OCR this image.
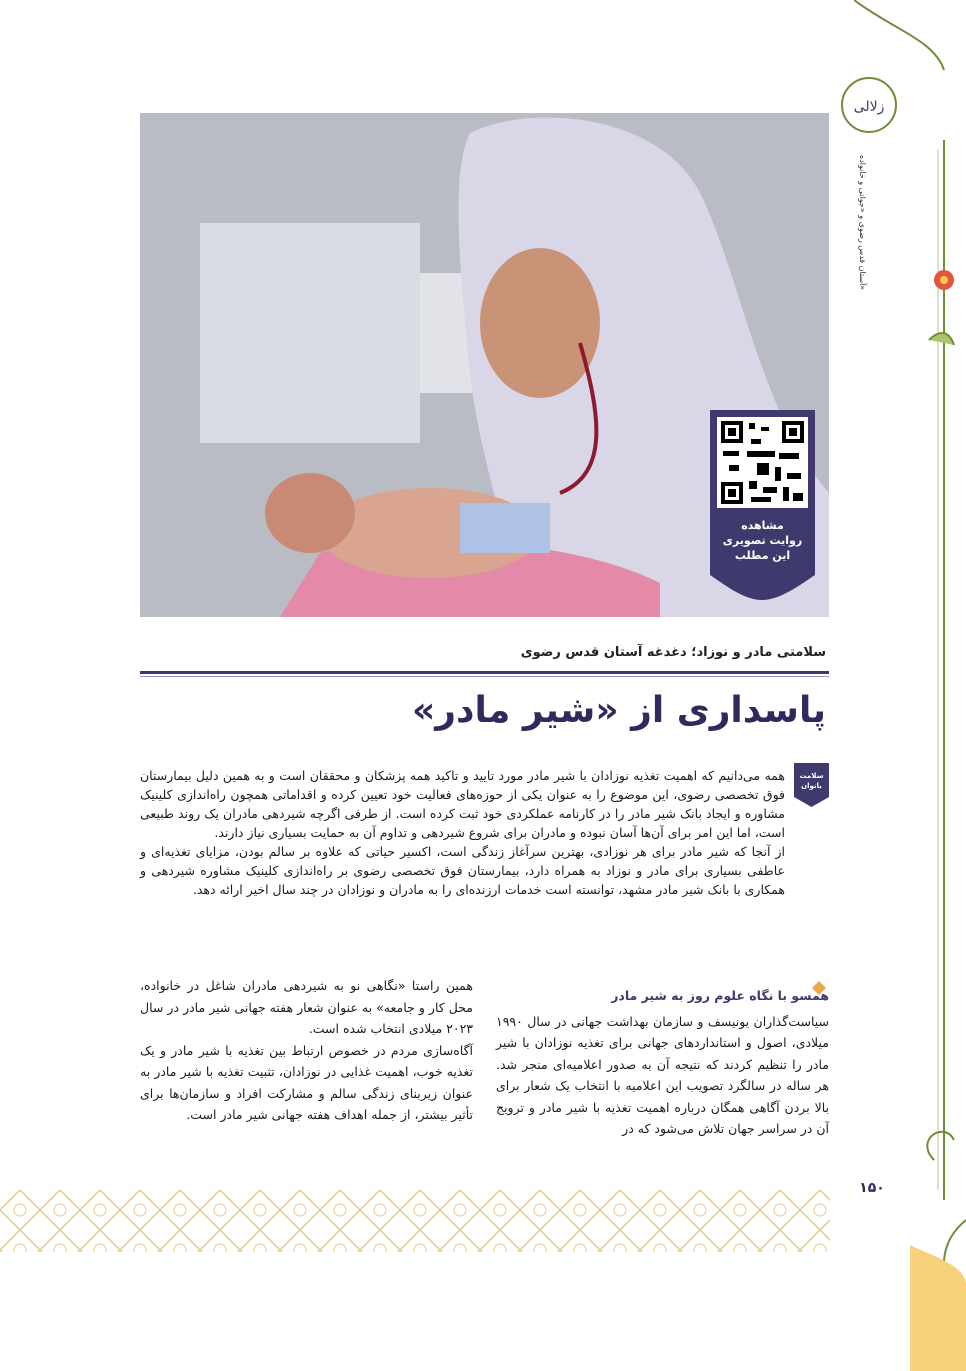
زلالی
آستان قدس رضوی و «جوانی و خانواده»
مشاهده
روایت تصویری
این مطلب
سلامتی مادر و نوزاد؛ دغدغه آستان قدس رضوی
پاسداری از «شیر مادر»
سلامت
بانوان

همه می‌دانیم که اهمیت تغذیه نوزادان با شیر مادر مورد تایید و تاکید همه پزشکان و محققان است و به همین دلیل بیمارستان فوق تخصصی رضوی، این موضوع را به عنوان یکی از حوزه‌های فعالیت خود تعیین کرده و اقداماتی همچون راه‌اندازی کلینیک مشاوره و ایجاد بانک شیر مادر را در کارنامه عملکردی خود ثبت کرده است. از طرفی اگرچه شیردهی مادران یک روند طبیعی است، اما این امر برای آن‌ها آسان نبوده و مادران برای شروع شیردهی و تداوم آن به حمایت بسیاری نیاز دارند.

از آنجا که شیر مادر برای هر نوزادی، بهترین سرآغاز زندگی است، اکسیر حیاتی که علاوه بر سالم بودن، مزایای تغذیه‌ای و عاطفی بسیاری برای مادر و نوزاد به همراه دارد، بیمارستان فوق تخصصی رضوی بر راه‌اندازی کلینیک مشاوره شیردهی و همکاری با بانک شیر مادر مشهد، توانسته است خدمات ارزنده‌ای را به مادران و نوزادان در چند سال اخیر ارائه دهد.

همسو با نگاه علوم روز به شیر مادر

سیاست‌گذاران یونیسف و سازمان بهداشت جهانی در سال ۱۹۹۰ میلادی، اصول و استانداردهای جهانی برای تغذیه نوزادان با شیر مادر را تنظیم کردند که نتیجه آن به صدور اعلامیه‌ای منجر شد. هر ساله در سالگرد تصویب این اعلامیه با انتخاب یک شعار برای بالا بردن آگاهی همگان درباره اهمیت تغذیه با شیر مادر و ترویج آن در سراسر جهان تلاش می‌شود که در

همین راستا «نگاهی نو به شیردهی مادران شاغل در خانواده، محل کار و جامعه» به عنوان شعار هفته جهانی شیر مادر در سال ۲۰۲۳ میلادی انتخاب شده است.

آگاه‌سازی مردم در خصوص ارتباط بین تغذیه با شیر مادر و یک تغذیه خوب، اهمیت غذایی در نوزادان، تثبیت تغذیه با شیر مادر به عنوان زیربنای زندگی سالم و مشارکت افراد و سازمان‌ها برای تأثیر بیشتر، از جمله اهداف هفته جهانی شیر مادر است.

۱۵۰
